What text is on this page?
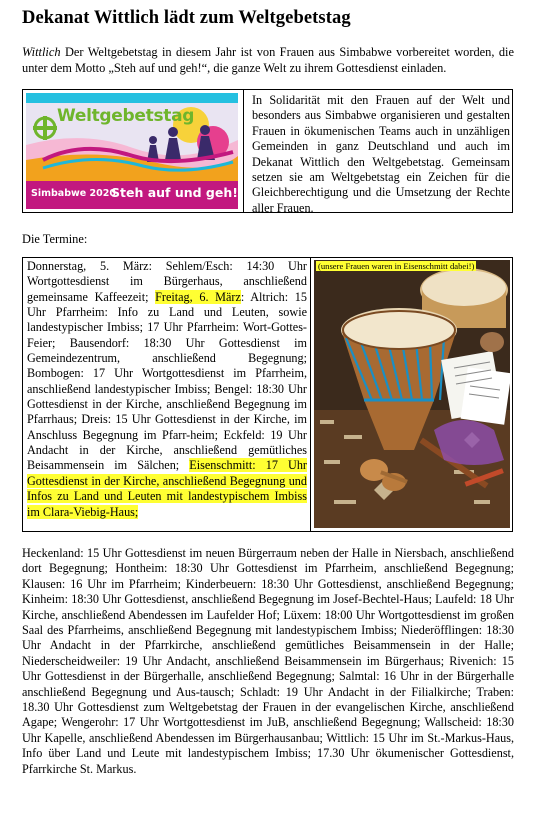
Dekanat Wittlich lädt zum Weltgebetstag

Wittlich Der Weltgebetstag in diesem Jahr ist von Frauen aus Simbabwe vorbereitet worden, die unter dem Motto „Steh auf und geh!“, die ganze Welt zu ihrem Gottesdienst einladen.

Weltgebetstag
Simbabwe 2020
Steh auf und geh!
In Solidarität mit den Frauen auf der Welt und besonders aus Simbabwe organisieren und gestalten Frauen in ökumenischen Teams auch in unzähligen Gemeinden in ganz Deutschland und auch im Dekanat Wittlich den Weltgebetstag. Gemeinsam setzen sie am Weltgebetstag ein Zeichen für die Gleichberechtigung und die Umsetzung der Rechte aller Frauen.
Die Termine:
Donnerstag, 5. März: Sehlem/Esch: 14:30 Uhr Wortgottesdienst im Bürgerhaus, anschließend gemeinsame Kaffeezeit; Freitag, 6. März: Altrich: 15 Uhr Pfarrheim: Info zu Land und Leuten, sowie landestypischer Imbiss; 17 Uhr Pfarrheim: Wort-Gottes-Feier; Bausendorf: 18:30 Uhr Gottesdienst im Gemeindezentrum, anschließend Begegnung; Bombogen: 17 Uhr Wortgottesdienst im Pfarrheim, anschließend landestypischer Imbiss; Bengel: 18:30 Uhr Gottesdienst in der Kirche, anschließend Begegnung im Pfarrhaus; Dreis: 15 Uhr Gottesdienst in der Kirche, im Anschluss Begegnung im Pfarr-heim; Eckfeld: 19 Uhr Andacht in der Kirche, anschließend gemütliches Beisammensein im Sälchen; Eisenschmitt: 17 Uhr Gottesdienst in der Kirche, anschließend Begegnung und Infos zu Land und Leuten mit landestypischem Imbiss im Clara-Viebig-Haus;
(unsere Frauen waren in Eisenschmitt dabei!)

Heckenland: 15 Uhr Gottesdienst im neuen Bürgerraum neben der Halle in Niersbach, anschließend dort Begegnung; Hontheim: 18:30 Uhr Gottesdienst im Pfarrheim, anschließend Begegnung; Klausen: 16 Uhr im Pfarrheim; Kinderbeuern: 18:30 Uhr Gottesdienst, anschließend Begegnung; Kinheim: 18:30 Uhr Gottesdienst, anschließend Begegnung im Josef-Bechtel-Haus; Laufeld: 18 Uhr Kirche, anschließend Abendessen im Laufelder Hof; Lüxem: 18:00 Uhr Wortgottesdienst im großen Saal des Pfarrheims, anschließend Begegnung mit landestypischem Imbiss; Niederöfflingen: 18:30 Uhr Andacht in der Pfarrkirche, anschließend gemütliches Beisammensein in der Halle; Niederscheidweiler: 19 Uhr Andacht, anschließend Beisammensein im Bürgerhaus; Rivenich: 15 Uhr Gottesdienst in der Bürgerhalle, anschließend Begegnung; Salmtal: 16 Uhr in der Bürgerhalle anschließend Begegnung und Aus-tausch; Schladt: 19 Uhr Andacht in der Filialkirche; Traben: 18.30 Uhr Gottesdienst zum Weltgebetstag der Frauen in der evangelischen Kirche, anschließend Agape; Wengerohr: 17 Uhr Wortgottesdienst im JuB, anschließend Begegnung; Wallscheid: 18:30 Uhr Kapelle, anschließend Abendessen im Bürgerhausanbau; Wittlich: 15 Uhr im St.-Markus-Haus, Info über Land und Leute mit landestypischem Imbiss; 17.30 Uhr ökumenischer Gottesdienst, Pfarrkirche St. Markus.
